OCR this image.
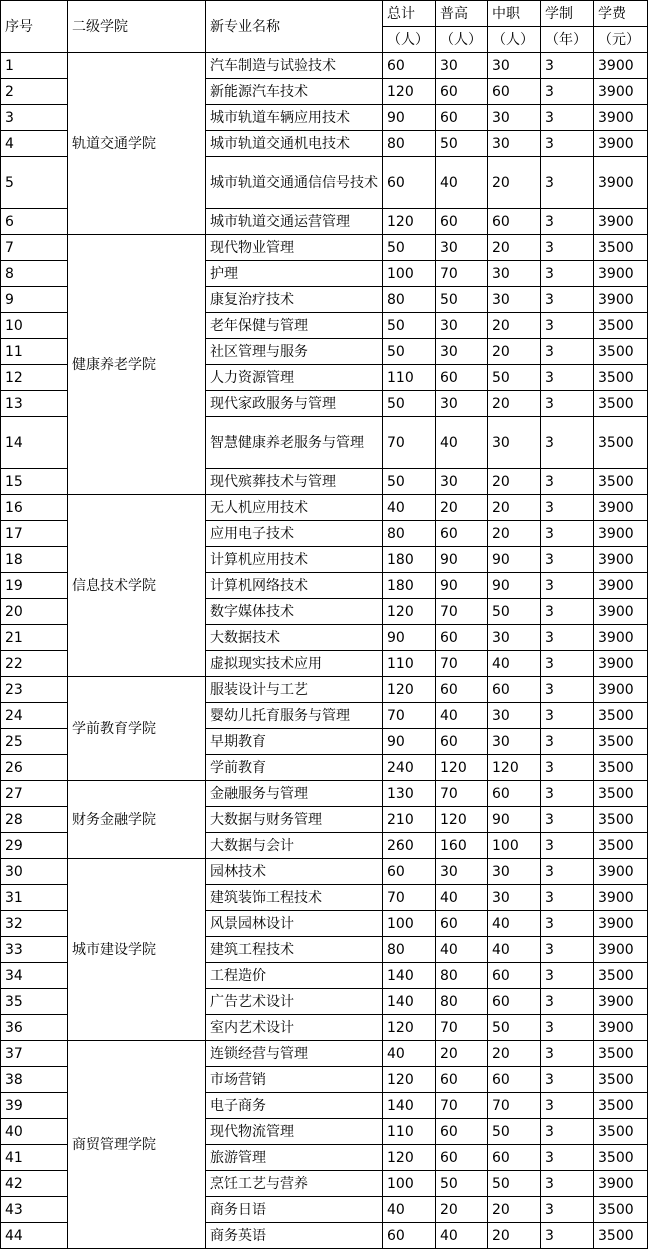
序号	二级学院	新专业名称	总计	普高	中职	学制	学费
			（人）	（人）	（人）	（年）	（元）
1	轨道交通学院	汽车制造与试验技术	60	30	30	3	3900
2		新能源汽车技术	120	60	60	3	3900
3		城市轨道车辆应用技术	90	60	30	3	3900
4		城市轨道交通机电技术	80	50	30	3	3900
5		城市轨道交通通信信号技术	60	40	20	3	3900
6		城市轨道交通运营管理	120	60	60	3	3900
7	健康养老学院	现代物业管理	50	30	20	3	3500
8		护理	100	70	30	3	3900
9		康复治疗技术	80	50	30	3	3900
10		老年保健与管理	50	30	20	3	3500
11		社区管理与服务	50	30	20	3	3500
12		人力资源管理	110	60	50	3	3500
13		现代家政服务与管理	50	30	20	3	3500
14		智慧健康养老服务与管理	70	40	30	3	3500
15		现代殡葬技术与管理	50	30	20	3	3500
16	信息技术学院	无人机应用技术	40	20	20	3	3900
17		应用电子技术	80	60	20	3	3900
18		计算机应用技术	180	90	90	3	3900
19		计算机网络技术	180	90	90	3	3900
20		数字媒体技术	120	70	50	3	3900
21		大数据技术	90	60	30	3	3900
22		虚拟现实技术应用	110	70	40	3	3900
23	学前教育学院	服装设计与工艺	120	60	60	3	3900
24		婴幼儿托育服务与管理	70	40	30	3	3500
25		早期教育	90	60	30	3	3500
26		学前教育	240	120	120	3	3500
27	财务金融学院	金融服务与管理	130	70	60	3	3500
28		大数据与财务管理	210	120	90	3	3500
29		大数据与会计	260	160	100	3	3500
30	城市建设学院	园林技术	60	30	30	3	3900
31		建筑装饰工程技术	70	40	30	3	3900
32		风景园林设计	100	60	40	3	3900
33		建筑工程技术	80	40	40	3	3900
34		工程造价	140	80	60	3	3500
35		广告艺术设计	140	80	60	3	3900
36		室内艺术设计	120	70	50	3	3900
37	商贸管理学院	连锁经营与管理	40	20	20	3	3500
38		市场营销	120	60	60	3	3500
39		电子商务	140	70	70	3	3500
40		现代物流管理	110	60	50	3	3500
41		旅游管理	120	60	60	3	3500
42		烹饪工艺与营养	100	50	50	3	3900
43		商务日语	40	20	20	3	3500
44		商务英语	60	40	20	3	3500
